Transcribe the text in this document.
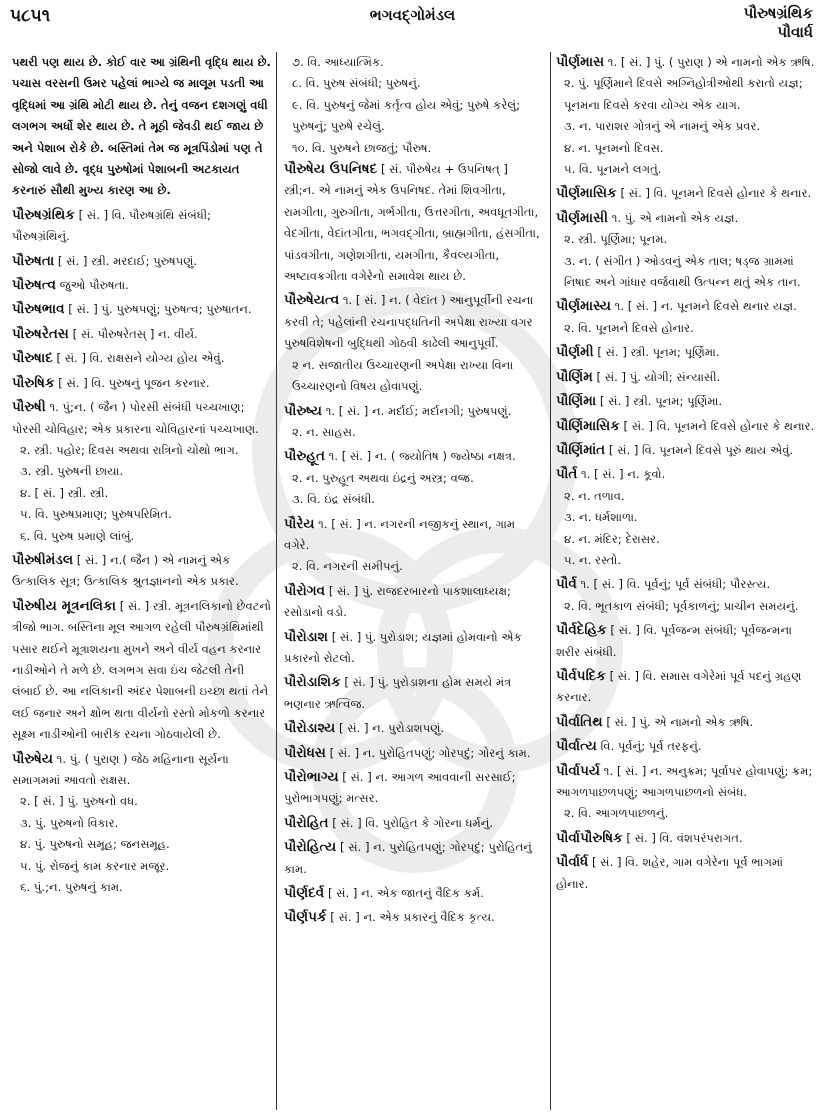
૫૮૫૧	ભગવદ્ગોમંડલ	પૌરુષગ્રંથિક
પૌવાર્ધ

પથરી પણ થાય છે. કોઈ વાર આ ગ્રંથિની વૃદ્ધિ થાય છે. પચાસ વરસની ઉમર પહેલાં ભાગ્યે જ માલૂમ પડતી આ વૃદ્ધિમાં આ ગ્રંથિ મોટી થાય છે. તેનું વજન દશગણું વધી લગભગ અર્ધો શેર થાય છે. તે મૂઠી જેવડી થઈ જાય છે અને પેશાબ રોકે છે. બસ્તિમાં તેમ જ મૂત્રપિંડોમાં પણ તે સોજો લાવે છે. વૃદ્ધ પુરુષોમાં પેશાબની અટકાયત કરનારું સૌથી મુખ્ય કારણ આ છે.

પૌરુષગ્રંથિક [ સં. ] વિ. પૌરુષગ્રંથિ સંબંધી; પૌરુષગ્રંથિનું.

પૌરુષતા [ સં. ] સ્ત્રી. મરદાઈ; પુરુષપણું.

પૌરુષત્વ જુઓ પૌરુષતા.

પૌરુષભાવ [ સં. ] પું. પુરુષપણું; પુરુષત્વ; પુરુષાતન.

પૌરુષરેતસ [ સં. પૌરુષરેતસ્ ] ન. વીર્ય.

પૌરુષાદ [ સં. ] વિ. રાક્ષસને યોગ્ય હોય એવું.

પૌરુષિક [ સં. ] વિ. પુરુષનું પૂજન કરનાર.

પૌરુષી ૧. પું;ન. ( જૈન ) પોરસી સંબંધી પચ્ચખાણ; પોરસી ચોવિહાર; એક પ્રકારના ચોવિહારનાં પચ્ચખાણ.

૨. સ્ત્રી. પહોર; દિવસ અથવા રાત્રિનો ચોથો ભાગ.

૩. સ્ત્રી. પુરુષની છાયા.

૪. [ સં. ] સ્ત્રી. સ્ત્રી.

૫. વિ. પુરુષપ્રમાણ; પુરુષપરિમિત.

૬. વિ. પુરુષ પ્રમાણે લાંબું.

પૌરુષીમંડલ [ સં. ] ન.( જૈન ) એ નામનું એક ઉત્કાલિક સૂત્ર; ઉત્કાલિક શ્રુતજ્ઞાનનો એક પ્રકાર.

પૌરુષીય મૂત્રનલિકા [ સં. ] સ્ત્રી. મૂત્રનલિકાનો છેવટનો ત્રીજો ભાગ. બસ્તિના મૂલ આગળ રહેલી પૌરુષગ્રંથિમાંથી પસાર થઈને મૂત્રાશયના મુખને અને વીર્ય વહન કરનાર નાડીઓને તે મળે છે. લગભગ સવા ઇંચ જેટલી તેની લંબાઈ છે. આ નલિકાની અંદર પેશાબની ઇચ્છા થતાં તેને લઈ જનાર અને ક્ષોભ થતા વીર્યનો રસ્તો મોકળો કરનાર સૂક્ષ્મ નાડીઓની બારીક રચના ગોઠવાયેલી છે.

પૌરુષેય ૧. પું. ( પુરાણ ) જેઠ મહિનાના સૂર્યના સમાગમમાં આવતો રાક્ષસ.

૨. [ સં. ] પું. પુરુષનો વધ.

૩. પું. પુરુષનો વિકાર.

૪. પું. પુરુષનો સમૂહ; જનસમૂહ.

૫. પું. રોજનું કામ કરનાર મજૂર.

૬. પું.;ન. પુરુષનું કામ.

૭. વિ. આધ્યાત્મિક.

૮. વિ. પુરુષ સંબંધી; પુરુષનું.

૯. વિ. પુરુષનું જેમાં કર્તૃત્વ હોય એવું; પુરુષે કરેલું; પુરુષનું; પુરુષે રચેલું.

૧૦. વિ. પુરુષને છાજતું; પૌરુષ.

પૌરુષેય ઉપનિષદ [ સં. પૌરુષેય + ઉપનિષત્ ] સ્ત્રી;ન. એ નામનું એક ઉપનિષદ. તેમાં શિવગીતા, રામગીતા, ગુરુગીતા, ગર્ભગીતા, ઉત્તરગીતા, અવધૂતગીતા, વેદગીતા, વેદાંતગીતા, ભગવદ્ગીતા, બ્રાહ્મગીતા, હંસગીતા, પાંડવગીતા, ગણેશગીતા, યમગીતા, કૈવલ્યગીતા, અષ્ટાવક્રગીતા વગેરેનો સમાવેશ થાય છે.

પૌરુષેયત્વ ૧. [ સં. ] ન. ( વેદાંત ) આનુપૂર્વીની રચના કરવી તે; પહેલાંની રચનાપદ્ધતિની અપેક્ષા રાખ્યા વગર પુરુષવિશેષની બુદ્ધિથી ગોઠવી કાઢેલી આનુપૂર્વી.

૨ ન. સજાતીય ઉચ્ચારણની અપેક્ષા રાખ્યા વિના ઉચ્ચારણનો વિષય હોવાપણું.

પૌરુષ્ય ૧. [ સં. ] ન. મર્દાઈ; મર્દાનગી; પુરુષપણું.

૨. ન. સાહસ.

પૌરુહૂત ૧. [ સં. ] ન. ( જ્યોતિષ ) જ્યેષ્ઠા નક્ષત્ર.

૨. ન. પુરુહૂત અથવા ઇંદ્રનું અસ્ત્ર; વજ્ર.

૩. વિ. ઇંદ્ર સંબંધી.

પૌરેય ૧. [ સં. ] ન. નગરની નજીકનું સ્થાન, ગામ વગેરે.

૨. વિ. નગરની સમીપનું.

પૌરોગવ [ સં. ] પું. રાજદરબારનો પાકશાલાધ્યક્ષ; રસોડાનો વડો.

પૌરોડાશ [ સં. ] પું. પુરોડાશ; યજ્ઞમાં હોમવાનો એક પ્રકારનો રોટલો.

પૌરોડાશિક [ સં. ] પું. પુરોડાશના હોમ સમયે મંત્ર ભણનાર ઋત્વિજ.

પૌરોડાશ્ય [ સં. ] ન. પુરોડાશપણું.

પૌરોધસ [ સં. ] ન. પુરોહિતપણું; ગોરપદું; ગોરનું કામ.

પૌરોભાગ્ય [ સં. ] ન. આગળ આવવાની સરસાઈ; પુરોભાગપણું; મત્સર.

પૌરોહિત [ સં. ] વિ. પુરોહિત કે ગોરના ધર્મનું.

પૌરોહિત્ય [ સં. ] ન. પુરોહિતપણું; ગોરપદું; પુરોહિતનું કામ.

પૌર્ણદર્વ [ સં. ] ન. એક જાતનું વૈદિક કર્મ.

પૌર્ણપર્ક [ સં. ] ન. એક પ્રકારનું વૈદિક કૃત્ય.

પૌર્ણમાસ ૧. [ સં. ] પું. ( પુરાણ ) એ નામનો એક ઋષિ.

૨. પું. પૂર્ણિમાને દિવસે અગ્નિહોત્રીઓથી કરાતો યજ્ઞ; પૂનમના દિવસે કરવા યોગ્ય એક યાગ.

૩. ન. પારાશર ગોત્રનું એ નામનું એક પ્રવર.

૪. ન. પૂનમનો દિવસ.

૫. વિ. પૂનમને લગતું.

પૌર્ણમાસિક [ સં. ] વિ. પૂનમને દિવસે હોનાર કે થનાર.

પૌર્ણમાસી ૧. પું. એ નામનો એક યજ્ઞ.

૨. સ્ત્રી. પૂર્ણિમા; પૂનમ.

૩. ન. ( સંગીત ) ઓડવનું એક તાલ; ષડ્જ ગ્રામમાં નિષાદ અને ગાંધાર વર્જવાથી ઉત્પન્ન થતું એક તાન.

પૌર્ણમાસ્ય ૧. [ સં. ] ન. પૂનમને દિવસે થનાર યજ્ઞ.

૨. વિ. પૂનમને દિવસે હોનાર.

પૌર્ણમી [ સં. ] સ્ત્રી. પૂનમ; પૂર્ણિમા.

પૌર્ણિમ [ સં. ] પું. યોગી; સંન્યાસી.

પૌર્ણિમા [ સં. ] સ્ત્રી. પૂનમ; પૂર્ણિમા.

પૌર્ણિમાસિક [ સં. ] વિ. પૂનમને દિવસે હોનાર કે થનાર.

પૌર્ણિમાંત [ સં. ] વિ. પૂનમને દિવસે પૂરું થાય એવું.

પૌર્ત ૧. [ સં. ] ન. કૂવો.

૨. ન. તળાવ.

૩. ન. ધર્મશાળા.

૪. ન. મંદિર; દેરાસર.

૫. ન. રસ્તો.

પૌર્વ ૧. [ સં. ] વિ. પૂર્વનું; પૂર્વ સંબંધી; પૌરસ્ત્ય.

૨. વિ. ભૂતકાળ સંબંધી; પૂર્વકાળનું; પ્રાચીન સમયનું.

પૌર્વદેહિક [ સં. ] વિ. પૂર્વજન્મ સંબંધી; પૂર્વજન્મના શરીર સંબંધી.

પૌર્વપદિક [ સં. ] વિ. સમાસ વગેરેમાં પૂર્વ પદનું ગ્રહણ કરનાર.

પૌર્વાતિથ [ સં. ] પું. એ નામનો એક ઋષિ.

પૌર્વાત્ય વિ. પૂર્વનું; પૂર્વ તરફનું.

પૌર્વાપર્ય ૧. [ સં. ] ન. અનુક્રમ; પૂર્વાપર હોવાપણું; ક્રમ; આગળપાછળપણું; આગળપાછળનો સંબંધ.

૨. વિ. આગળપાછળનું.

પૌર્વાપૌરુષિક [ સં. ] વિ. વંશપરંપરાગત.

પૌર્વાર્ધ [ સં. ] વિ. શહેર, ગામ વગેરેના પૂર્વ ભાગમાં હોનાર.
